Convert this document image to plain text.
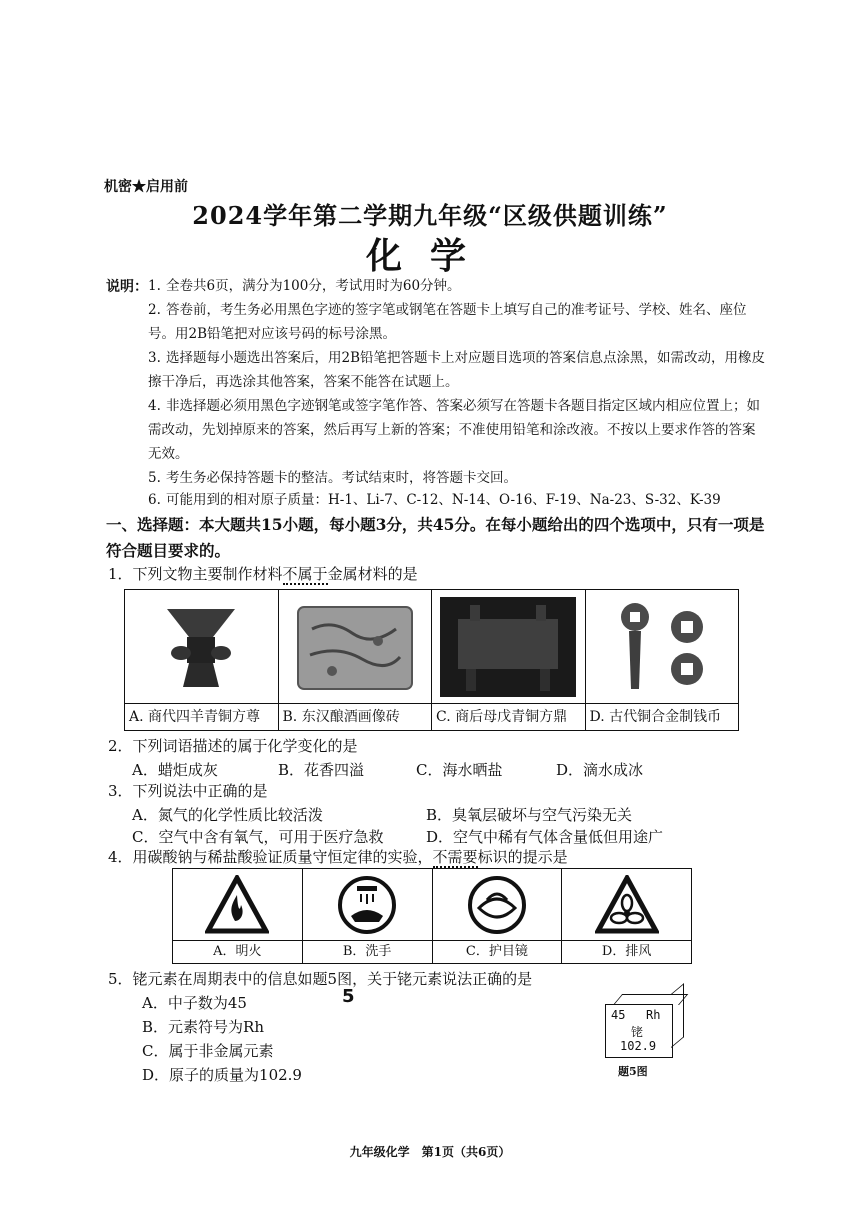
机密★启用前
2024学年第二学期九年级“区级供题训练”
化学
说明： 1. 全卷共6页，满分为100分，考试用时为60分钟。
2. 答卷前，考生务必用黑色字迹的签字笔或钢笔在答题卡上填写自己的准考证号、学校、姓名、座位号。用2B铅笔把对应该号码的标号涂黑。
3. 选择题每小题选出答案后，用2B铅笔把答题卡上对应题目选项的答案信息点涂黑，如需改动，用橡皮擦干净后，再选涂其他答案，答案不能答在试题上。
4. 非选择题必须用黑色字迹钢笔或签字笔作答、答案必须写在答题卡各题目指定区域内相应位置上；如需改动，先划掉原来的答案，然后再写上新的答案；不准使用铅笔和涂改液。不按以上要求作答的答案无效。
5. 考生务必保持答题卡的整洁。考试结束时，将答题卡交回。
6. 可能用到的相对原子质量：H-1、Li-7、C-12、N-14、O-16、F-19、Na-23、S-32、K-39
一、选择题：本大题共15小题，每小题3分，共45分。在每小题给出的四个选项中，只有一项是符合题目要求的。
1．下列文物主要制作材料不属于金属材料的是
A. 商代四羊青铜方尊	B. 东汉酿酒画像砖	C. 商后母戊青铜方鼎	D. 古代铜合金制钱币
2．下列词语描述的属于化学变化的是
A．蜡炬成灰	B．花香四溢	C．海水晒盐	D．滴水成冰
3．下列说法中正确的是
A．氮气的化学性质比较活泼	B．臭氧层破坏与空气污染无关
C．空气中含有氧气，可用于医疗急救	D．空气中稀有气体含量低但用途广
4．用碳酸钠与稀盐酸验证质量守恒定律的实验，不需要标识的提示是
A．明火	B．洗手	C．护目镜	D．排风
5．铑元素在周期表中的信息如题5图，关于铑元素说法正确的是
5
A．中子数为45
B．元素符号为Rh
C．属于非金属元素
D．原子的质量为102.9
45 Rh
铑
102.9
题5图
九年级化学　第1页（共6页）
